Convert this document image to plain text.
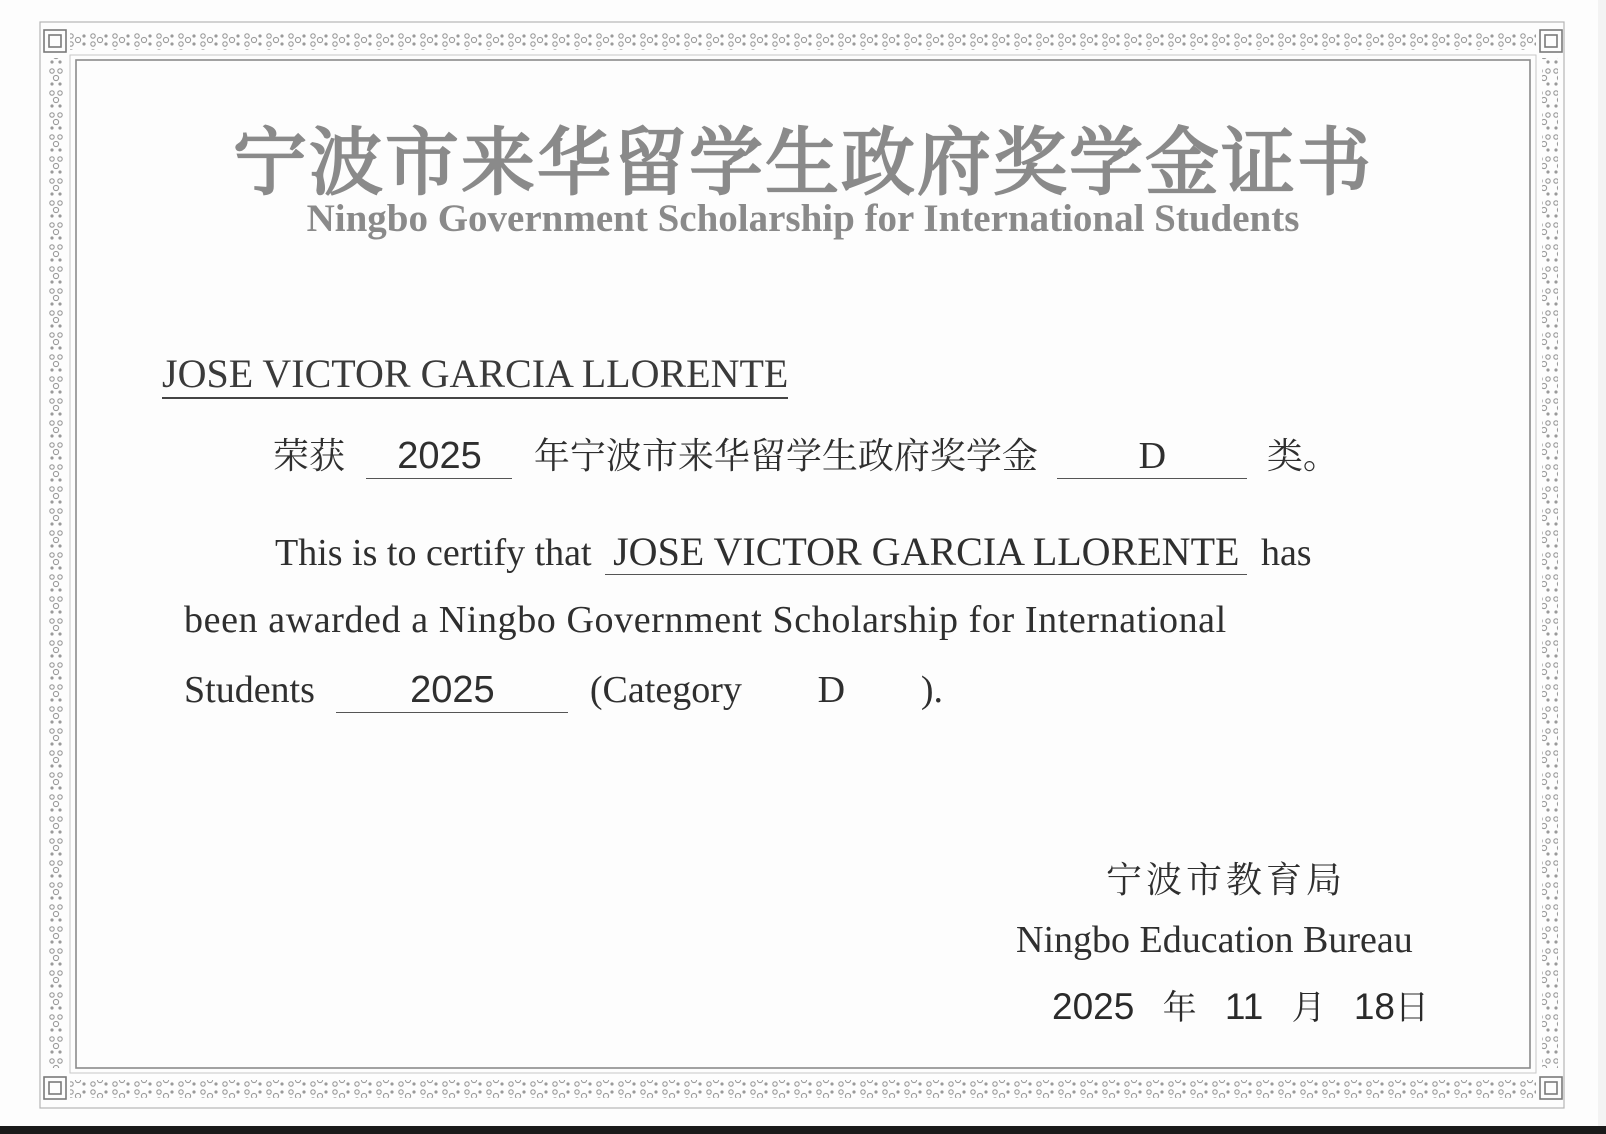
宁波市来华留学生政府奖学金证书
Ningbo Government Scholarship for International Students
JOSE VICTOR GARCIA LLORENTE
荣获 2025 年宁波市来华留学生政府奖学金	D	类。
This is to certify that JOSE VICTOR GARCIA LLORENTE has
been awarded a Ningbo Government Scholarship for International
Students	2025	(Category D ).
宁波市教育局
Ningbo Education Bureau
2025 年 11 月 18日
